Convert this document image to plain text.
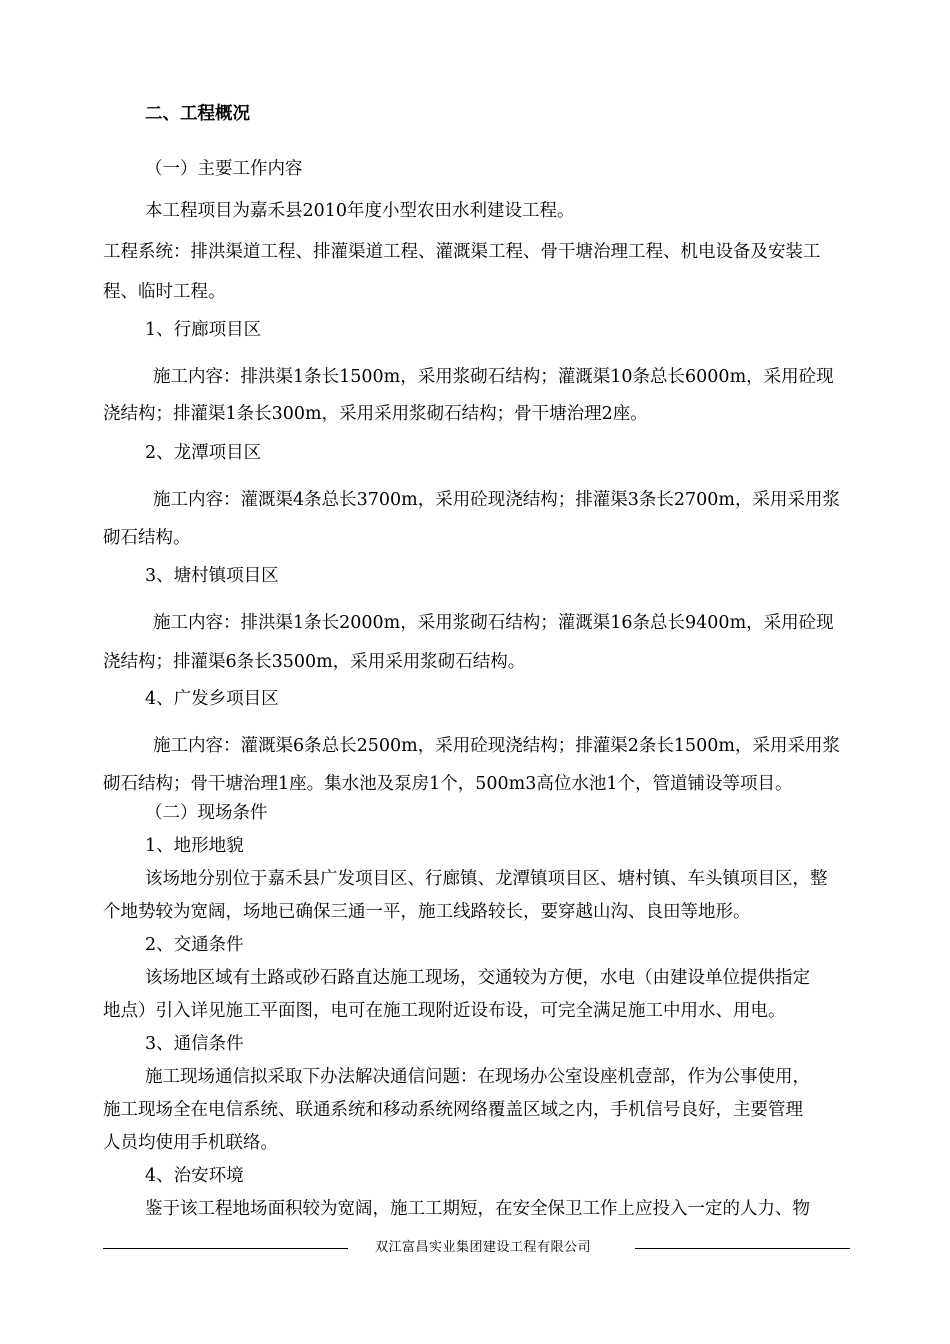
二、工程概况
（一）主要工作内容
本工程项目为嘉禾县2010年度小型农田水利建设工程。
工程系统：排洪渠道工程、排灌渠道工程、灌溉渠工程、骨干塘治理工程、机电设备及安装工
程、临时工程。
1、行廊项目区
施工内容：排洪渠1条长1500m，采用浆砌石结构；灌溉渠10条总长6000m，采用砼现
浇结构；排灌渠1条长300m，采用采用浆砌石结构；骨干塘治理2座。
2、龙潭项目区
施工内容：灌溉渠4条总长3700m，采用砼现浇结构；排灌渠3条长2700m，采用采用浆
砌石结构。
3、塘村镇项目区
施工内容：排洪渠1条长2000m，采用浆砌石结构；灌溉渠16条总长9400m，采用砼现
浇结构；排灌渠6条长3500m，采用采用浆砌石结构。
4、广发乡项目区
施工内容：灌溉渠6条总长2500m，采用砼现浇结构；排灌渠2条长1500m，采用采用浆
砌石结构；骨干塘治理1座。集水池及泵房1个，500m3高位水池1个，管道铺设等项目。
（二）现场条件
1、地形地貌
该场地分别位于嘉禾县广发项目区、行廊镇、龙潭镇项目区、塘村镇、车头镇项目区，整
个地势较为宽阔，场地已确保三通一平，施工线路较长，要穿越山沟、良田等地形。
2、交通条件
该场地区域有土路或砂石路直达施工现场，交通较为方便，水电（由建设单位提供指定
地点）引入详见施工平面图，电可在施工现附近设布设，可完全满足施工中用水、用电。
3、通信条件
施工现场通信拟采取下办法解决通信问题：在现场办公室设座机壹部，作为公事使用，
施工现场全在电信系统、联通系统和移动系统网络覆盖区域之内，手机信号良好，主要管理
人员均使用手机联络。
4、治安环境
鉴于该工程地场面积较为宽阔，施工工期短，在安全保卫工作上应投入一定的人力、物
双江富昌实业集团建设工程有限公司
